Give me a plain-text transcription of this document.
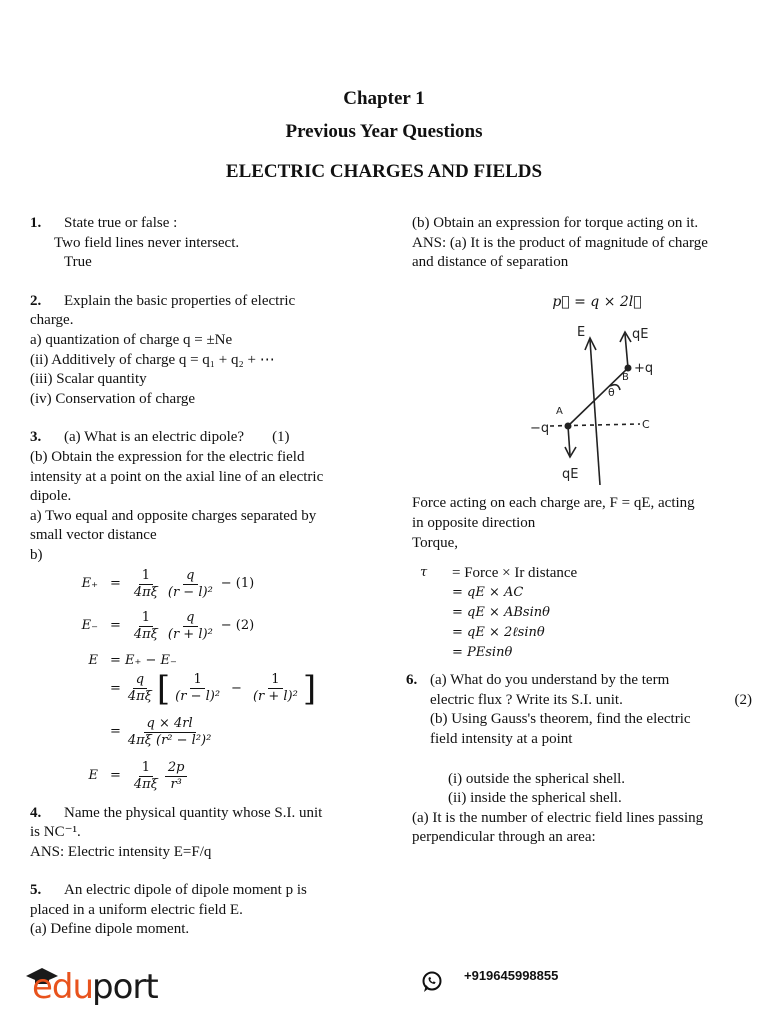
Chapter 1
Previous Year Questions
ELECTRIC CHARGES AND FIELDS
1. State true or false :
Two field lines never intersect.
True
2. Explain the basic properties of electric
charge.
a) quantization of charge q = ±Ne
(ii) Additively of charge q = q₁ + q₂ + ⋯
(iii) Scalar quantity
(iv) Conservation of charge
3. (a) What is an electric dipole? (1)
(b) Obtain the expression for the electric field
intensity at a point on the axial line of an electric
dipole.
a) Two equal and opposite charges separated by
small vector distance
b)
$E_+ = \frac{1}{4\pi\xi} \frac{q}{\text{(r − l)²}} - (1)$
$E_- = \frac{1}{4\pi\xi} \frac{q}{\text{(r + l)²}} - (2)$
E = E₊ − E₋
= $\frac{q}{4\pi\xi}$ [ $\frac{1}{\text{(r − l)²}} - \frac{1}{\text{(r + l)²}}$ ]
= $\frac{q \times 4rl}{\text{4πξ (r² − l²)²}}$
$E = \frac{1}{4\pi\xi} \frac{2p}{\text{r³}}$
4. Name the physical quantity whose S.I. unit
is NC⁻¹.
ANS: Electric intensity E=F/q
5. An electric dipole of dipole moment p is
placed in a uniform electric field E.
(a) Define dipole moment.
(b) Obtain an expression for torque acting on it.
ANS: (a) It is the product of magnitude of charge
and distance of separation
p⃗ = q × 2l⃗
E	qE
+q
B
A
−q	C
θ
qE
Force acting on each charge are, F = qE, acting
in opposite direction
Torque,
τ	= Force × Ir distance
= qE × AC
= qE × ABsinθ
= qE × 2ℓsinθ
= PEsinθ
6. (a) What do you understand by the term
electric flux ? Write its S.I. unit.	(2)
(b) Using Gauss's theorem, find the electric
field intensity at a point
(i) outside the spherical shell.
(ii) inside the spherical shell.
(a) It is the number of electric field lines passing
perpendicular through an area:
edu
port	+919645998855
